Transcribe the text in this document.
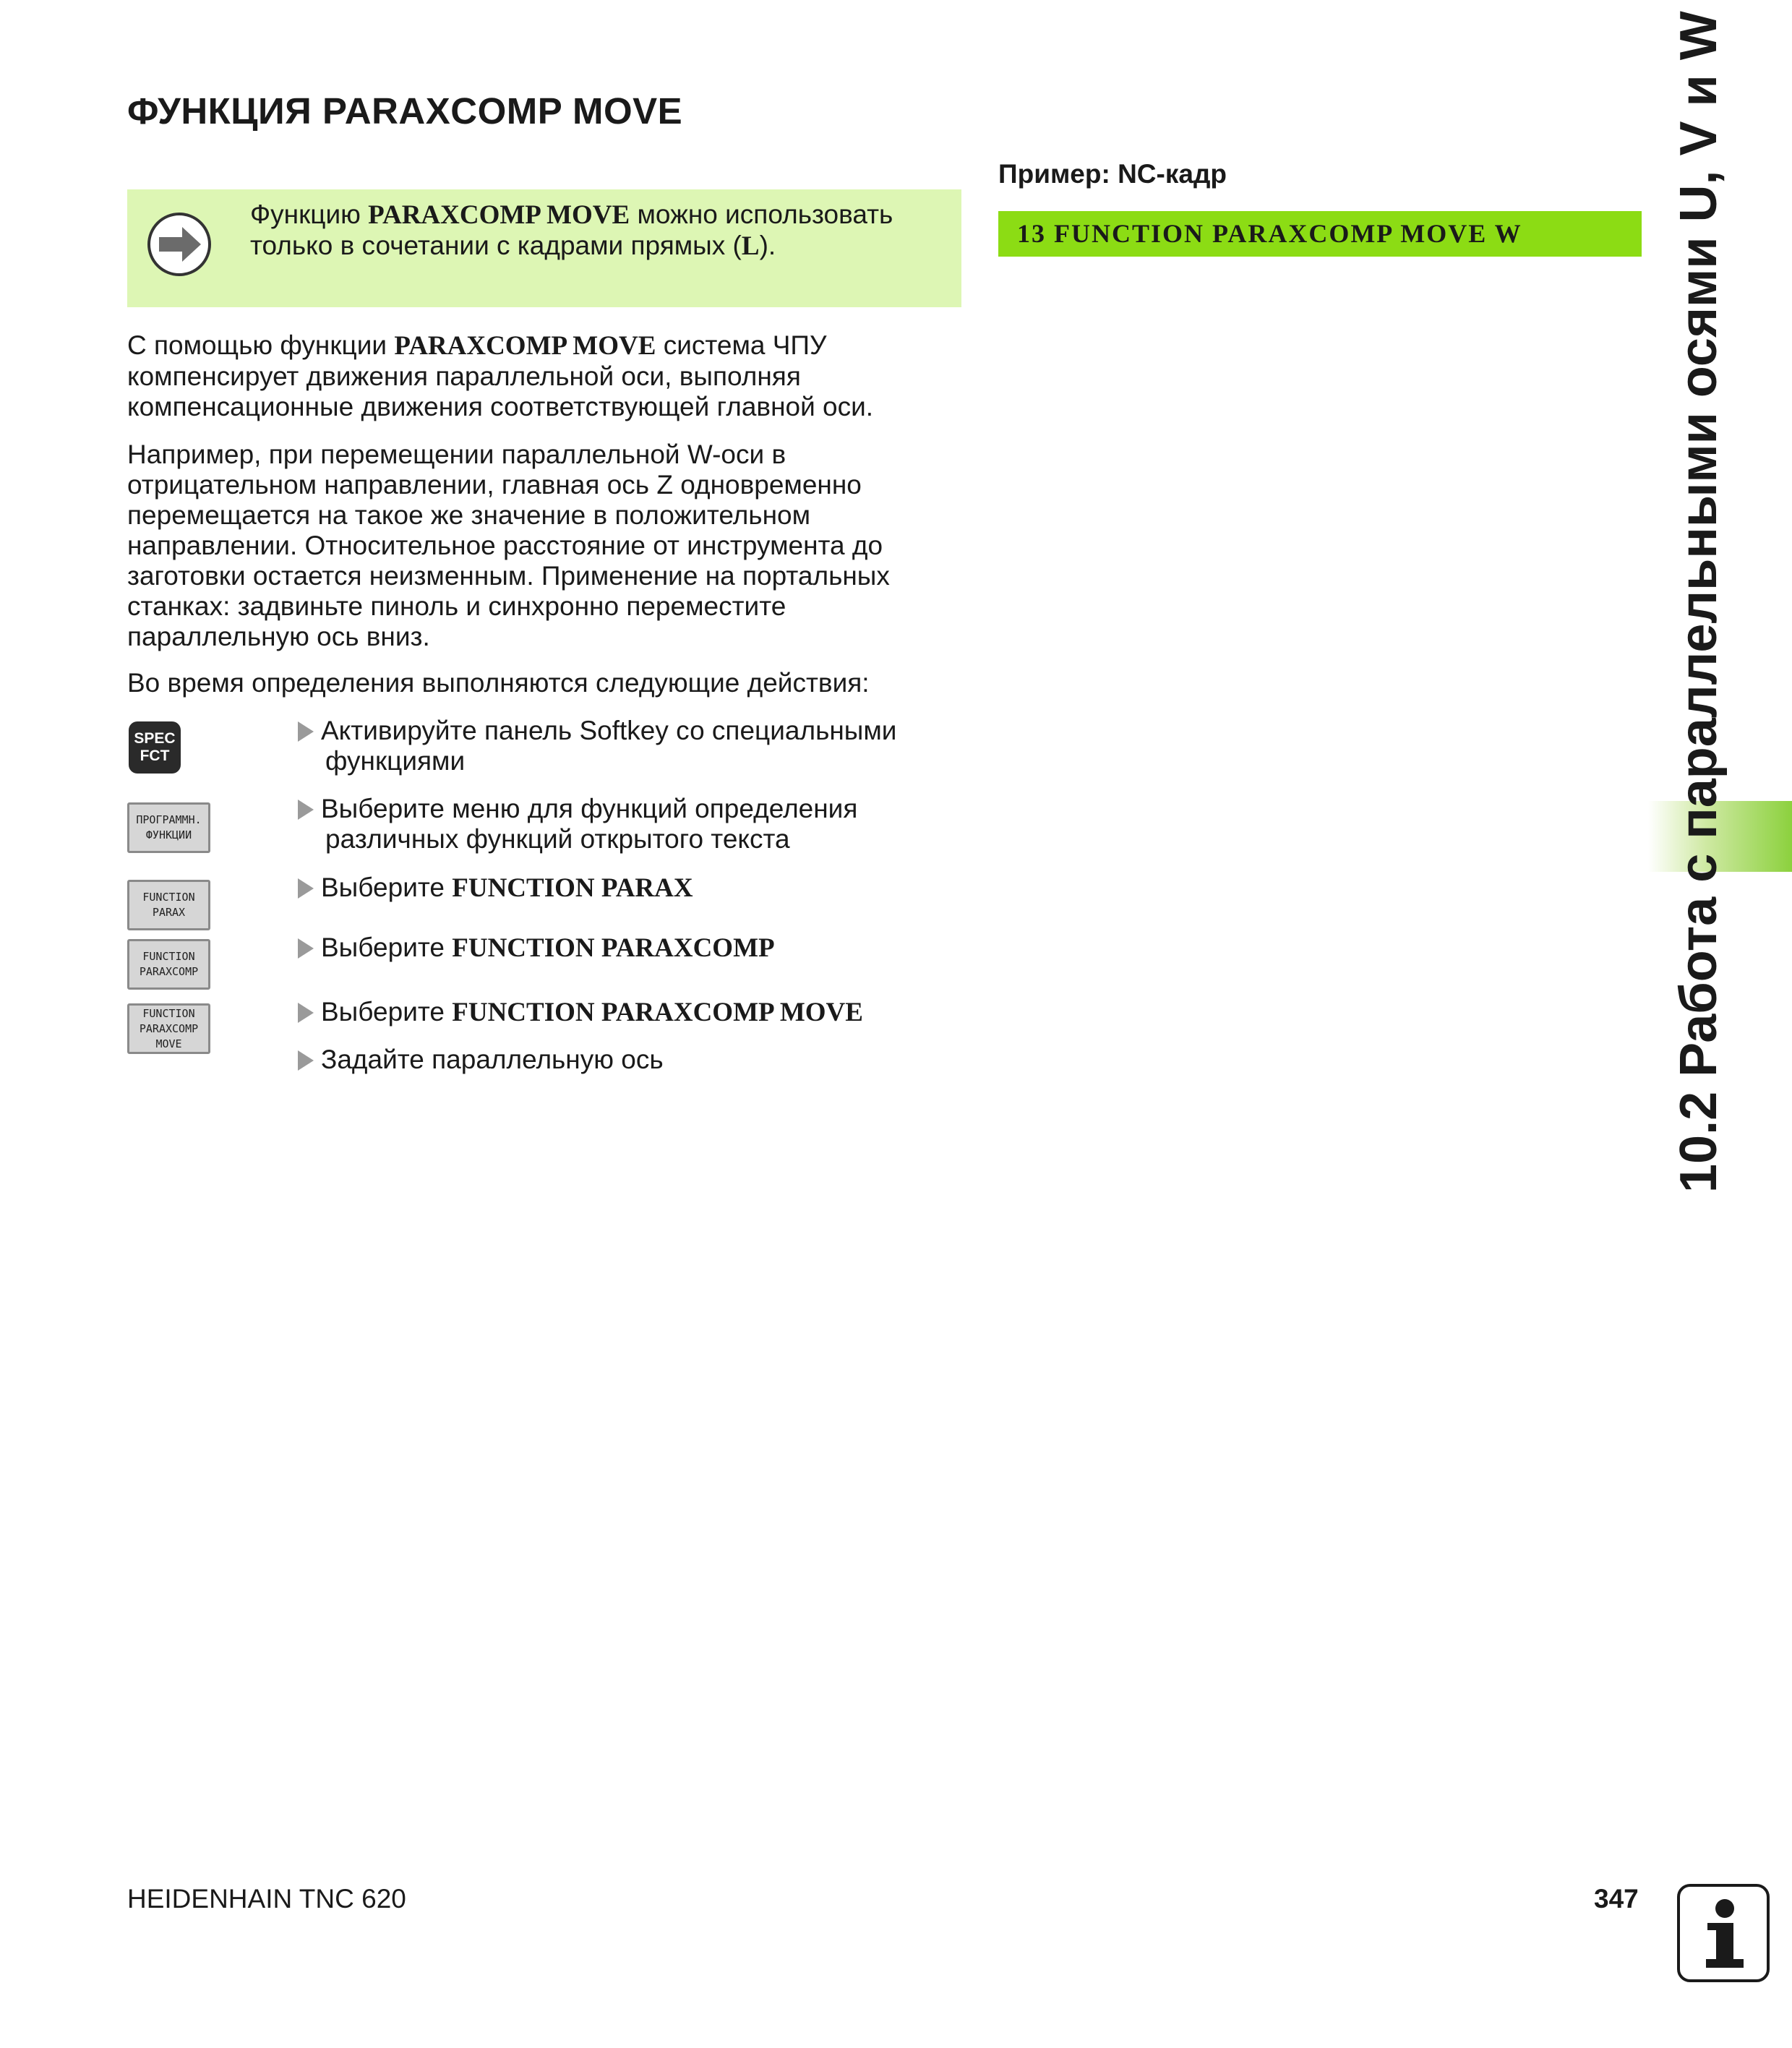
ФУНКЦИЯ PARAXCOMP MOVE
Функцию PARAXCOMP MOVE можно использовать
только в сочетании с кадрами прямых (L).
С помощью функции PARAXCOMP MOVE система ЧПУ
компенсирует движения параллельной оси, выполняя
компенсационные движения соответствующей главной оси.
Например, при перемещении параллельной W-оси в
отрицательном направлении, главная ось Z одновременно
перемещается на такое же значение в положительном
направлении. Относительное расстояние от инструмента до
заготовки остается неизменным. Применение на портальных
станках: задвиньте пиноль и синхронно переместите
параллельную ось вниз.
Во время определения выполняются следующие действия:
SPEC
FCT
ПРОГРАММН.
ФУНКЦИИ
FUNCTION
PARAX
FUNCTION
PARAXCOMP
FUNCTION
PARAXCOMP
MOVE
Активируйте панель Softkey со специальными
функциями
Выберите меню для функций определения
различных функций открытого текста
Выберите FUNCTION PARAX
Выберите FUNCTION PARAXCOMP
Выберите FUNCTION PARAXCOMP MOVE
Задайте параллельную ось
Пример: NC-кадр
13 FUNCTION PARAXCOMP MOVE W	10.2 Работа с параллельными осями U, V и W
HEIDENHAIN TNC 620	347
